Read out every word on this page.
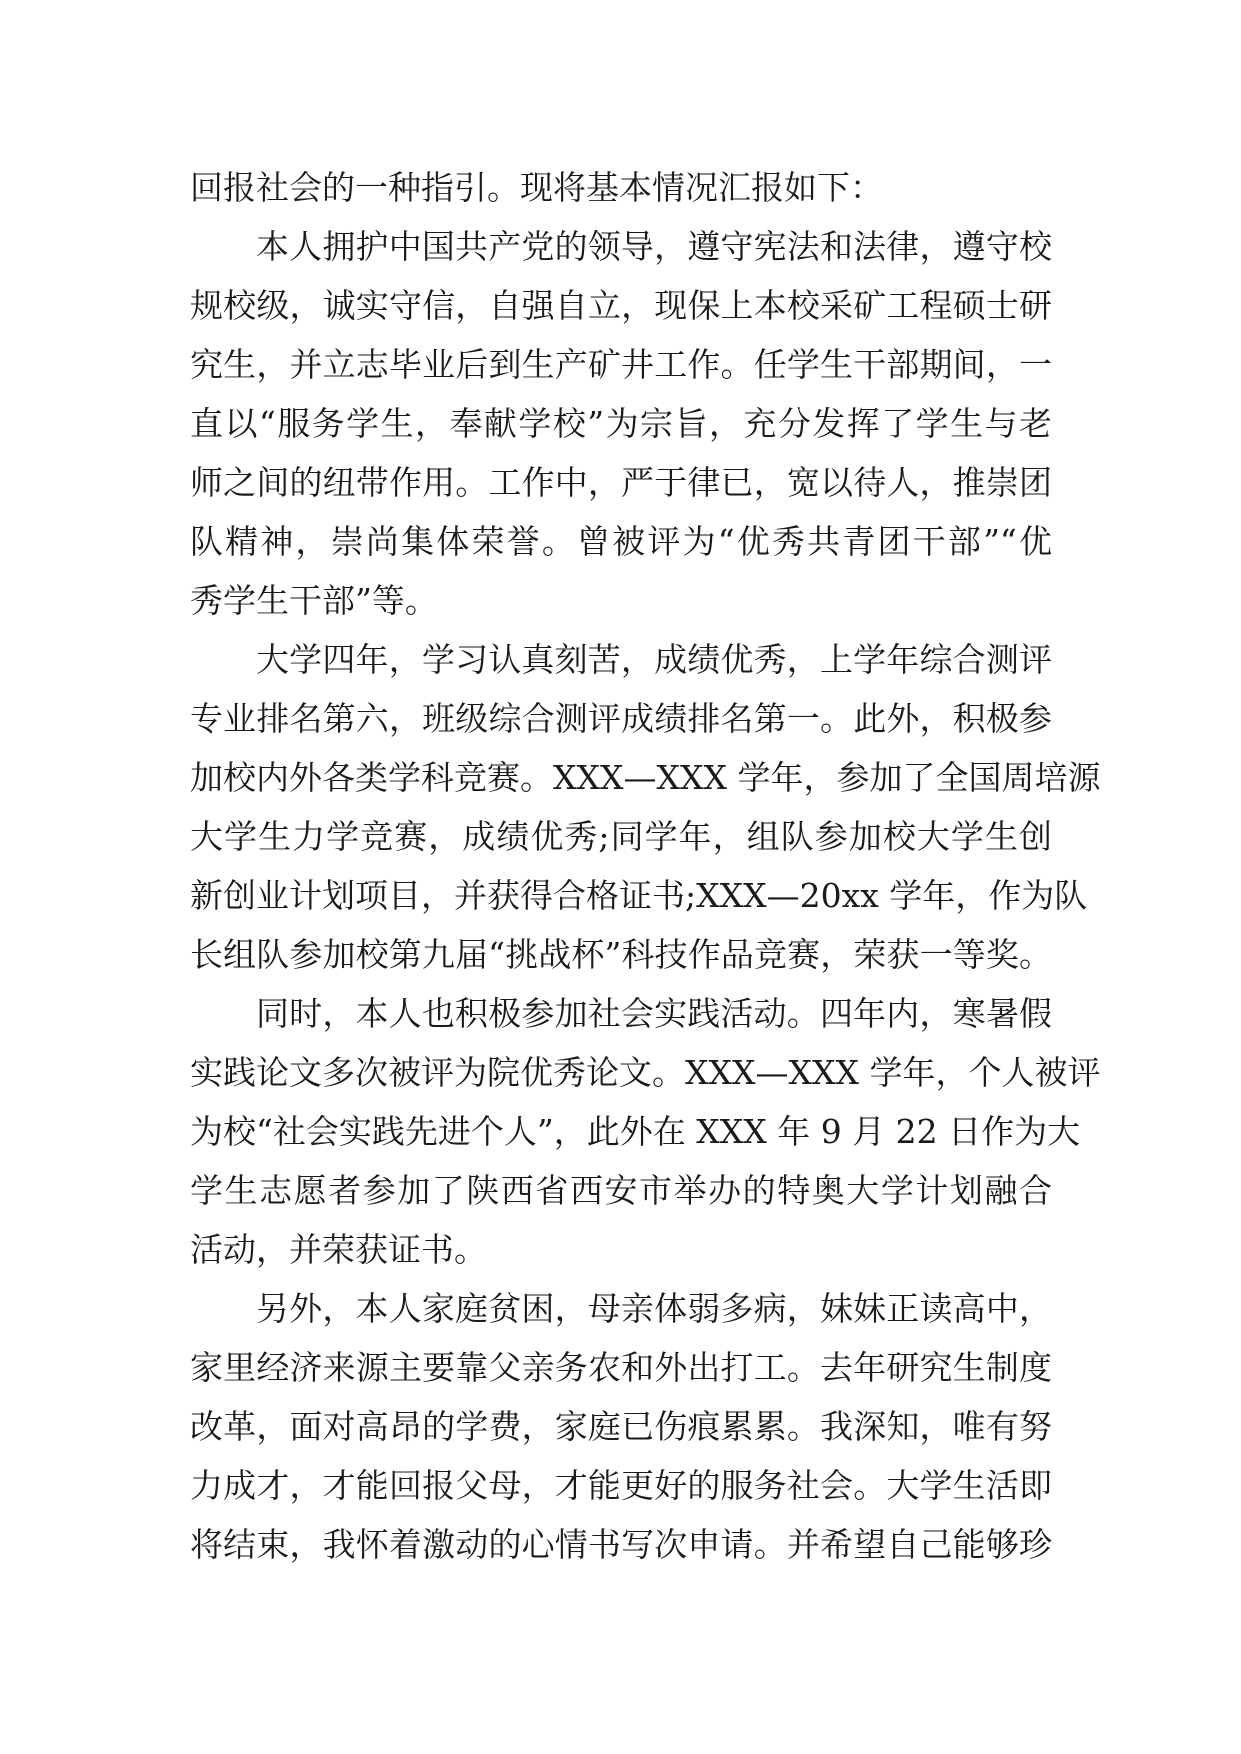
回报社会的一种指引。现将基本情况汇报如下：
本人拥护中国共产党的领导，遵守宪法和法律，遵守校
规校级，诚实守信，自强自立，现保上本校采矿工程硕士研
究生，并立志毕业后到生产矿井工作。任学生干部期间，一
直以“服务学生，奉献学校”为宗旨，充分发挥了学生与老
师之间的纽带作用。工作中，严于律已，宽以待人，推崇团
队精神，崇尚集体荣誉。曾被评为“优秀共青团干部”“优
秀学生干部”等。
大学四年，学习认真刻苦，成绩优秀，上学年综合测评
专业排名第六，班级综合测评成绩排名第一。此外，积极参
加校内外各类学科竞赛。XXX—XXX 学年，参加了全国周培源
大学生力学竞赛，成绩优秀;同学年，组队参加校大学生创
新创业计划项目，并获得合格证书;XXX—20xx 学年，作为队
长组队参加校第九届“挑战杯”科技作品竞赛，荣获一等奖。
同时，本人也积极参加社会实践活动。四年内，寒暑假
实践论文多次被评为院优秀论文。XXX—XXX 学年，个人被评
为校“社会实践先进个人”，此外在 XXX 年 9 月 22 日作为大
学生志愿者参加了陕西省西安市举办的特奥大学计划融合
活动，并荣获证书。
另外，本人家庭贫困，母亲体弱多病，妹妹正读高中，
家里经济来源主要靠父亲务农和外出打工。去年研究生制度
改革，面对高昂的学费，家庭已伤痕累累。我深知，唯有努
力成才，才能回报父母，才能更好的服务社会。大学生活即
将结束，我怀着激动的心情书写次申请。并希望自己能够珍
